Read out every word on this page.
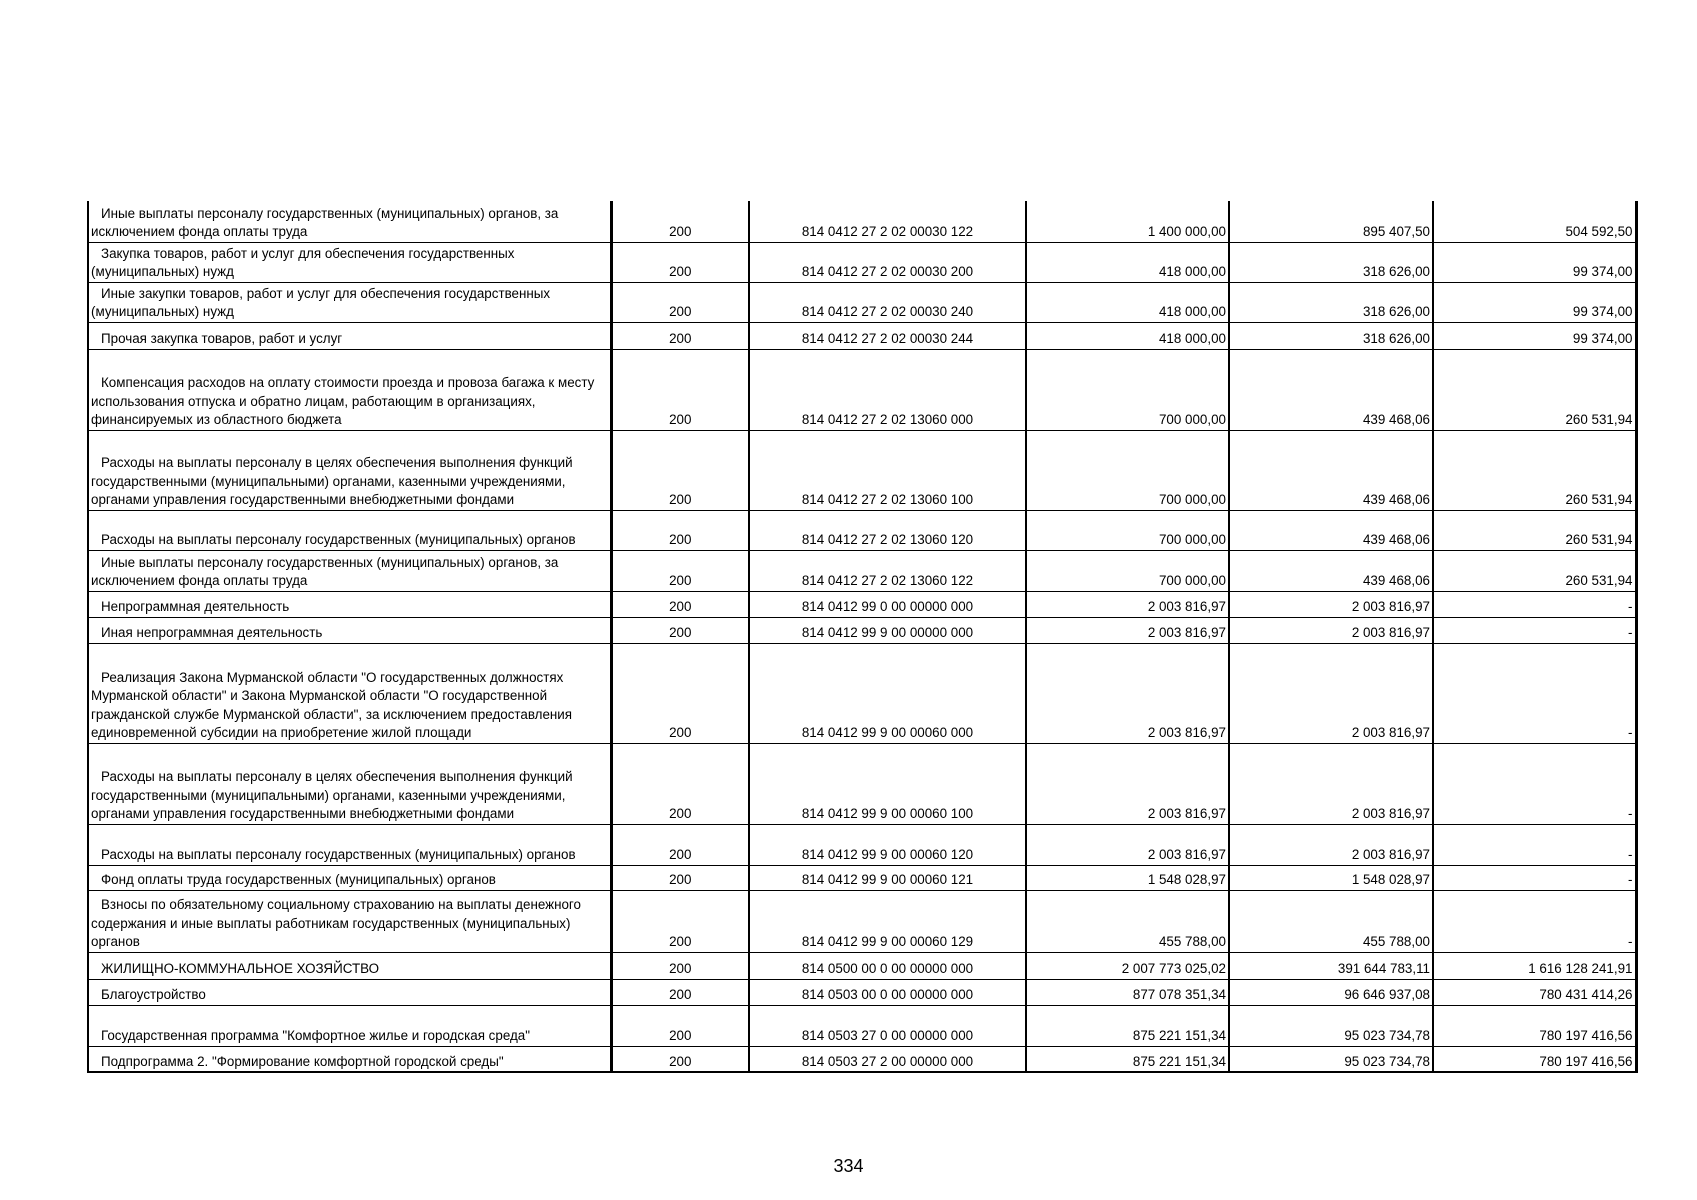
Иные выплаты персоналу государственных (муниципальных) органов, за исключением фонда оплаты труда	200	814 0412 27 2 02 00030 122	1 400 000,00	895 407,50	504 592,50

Закупка товаров, работ и услуг для обеспечения государственных (муниципальных) нужд	200	814 0412 27 2 02 00030 200	418 000,00	318 626,00	99 374,00

Иные закупки товаров, работ и услуг для обеспечения государственных (муниципальных) нужд	200	814 0412 27 2 02 00030 240	418 000,00	318 626,00	99 374,00

Прочая закупка товаров, работ и услуг	200	814 0412 27 2 02 00030 244	418 000,00	318 626,00	99 374,00

Компенсация расходов на оплату стоимости проезда и провоза багажа к месту использования отпуска и обратно лицам, работающим в организациях, финансируемых из областного бюджета	200	814 0412 27 2 02 13060 000	700 000,00	439 468,06	260 531,94

Расходы на выплаты персоналу в целях обеспечения выполнения функций государственными (муниципальными) органами, казенными учреждениями, органами управления государственными внебюджетными фондами	200	814 0412 27 2 02 13060 100	700 000,00	439 468,06	260 531,94

Расходы на выплаты персоналу государственных (муниципальных) органов	200	814 0412 27 2 02 13060 120	700 000,00	439 468,06	260 531,94

Иные выплаты персоналу государственных (муниципальных) органов, за исключением фонда оплаты труда	200	814 0412 27 2 02 13060 122	700 000,00	439 468,06	260 531,94

Непрограммная деятельность	200	814 0412 99 0 00 00000 000	2 003 816,97	2 003 816,97	-

Иная непрограммная деятельность	200	814 0412 99 9 00 00000 000	2 003 816,97	2 003 816,97	-

Реализация Закона Мурманской области "О государственных должностях Мурманской области" и Закона Мурманской области "О государственной гражданской службе Мурманской области", за исключением предоставления единовременной субсидии на приобретение жилой площади	200	814 0412 99 9 00 00060 000	2 003 816,97	2 003 816,97	-

Расходы на выплаты персоналу в целях обеспечения выполнения функций государственными (муниципальными) органами, казенными учреждениями, органами управления государственными внебюджетными фондами	200	814 0412 99 9 00 00060 100	2 003 816,97	2 003 816,97	-

Расходы на выплаты персоналу государственных (муниципальных) органов	200	814 0412 99 9 00 00060 120	2 003 816,97	2 003 816,97	-

Фонд оплаты труда государственных (муниципальных) органов	200	814 0412 99 9 00 00060 121	1 548 028,97	1 548 028,97	-

Взносы по обязательному социальному страхованию на выплаты денежного содержания и иные выплаты работникам государственных (муниципальных) органов	200	814 0412 99 9 00 00060 129	455 788,00	455 788,00	-

ЖИЛИЩНО-КОММУНАЛЬНОЕ ХОЗЯЙСТВО	200	814 0500 00 0 00 00000 000	2 007 773 025,02	391 644 783,11	1 616 128 241,91

Благоустройство	200	814 0503 00 0 00 00000 000	877 078 351,34	96 646 937,08	780 431 414,26

Государственная программа "Комфортное жилье и городская среда"	200	814 0503 27 0 00 00000 000	875 221 151,34	95 023 734,78	780 197 416,56

Подпрограмма 2. "Формирование комфортной городской среды"	200	814 0503 27 2 00 00000 000	875 221 151,34	95 023 734,78	780 197 416,56
334
